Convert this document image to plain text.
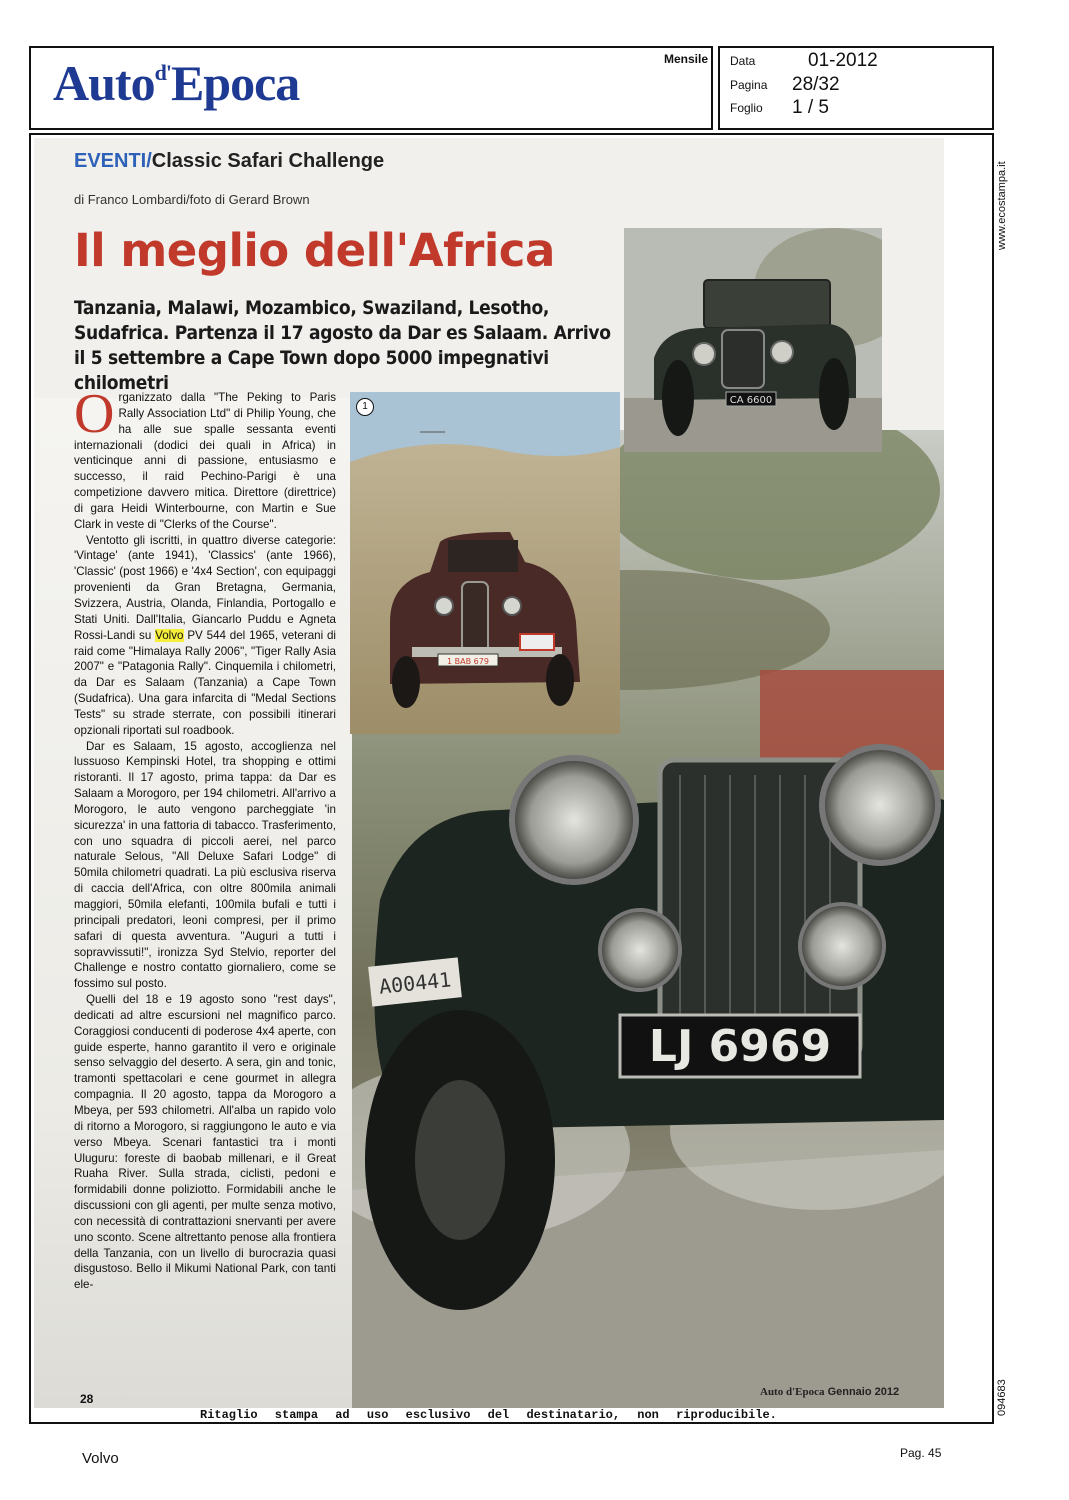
Auto$^{d'}$Epoca	Mensile Data	01-2012
Pagina 28/32
Foglio 1 / 5
www.ecostampa.it
094683
LJ 6969
A00441
EVENTI/Classic Safari Challenge
di Franco Lombardi/foto di Gerard Brown
Il meglio dell'Africa
Tanzania, Malawi, Mozambico, Swaziland, Lesotho, Sudafrica. Partenza il 17 agosto da Dar es Salaam. Arrivo il 5 settembre a Cape Town dopo 5000 impegnativi chilometri
CA 6600
1 BAB 679
1

Organizzato dalla "The Peking to Paris Rally Association Ltd" di Philip Young, che ha alle sue spalle sessanta eventi internazionali (dodici dei quali in Africa) in venticinque anni di passione, entusiasmo e successo, il raid Pechino-Parigi è una competizione davvero mitica. Direttore (direttrice) di gara Heidi Winterbourne, con Martin e Sue Clark in veste di "Clerks of the Course".

Ventotto gli iscritti, in quattro diverse categorie: 'Vintage' (ante 1941), 'Classics' (ante 1966), 'Classic' (post 1966) e '4x4 Section', con equipaggi provenienti da Gran Bretagna, Germania, Svizzera, Austria, Olanda, Finlandia, Portogallo e Stati Uniti. Dall'Italia, Giancarlo Puddu e Agneta Rossi-Landi su Volvo PV 544 del 1965, veterani di raid come "Himalaya Rally 2006", "Tiger Rally Asia 2007" e "Patagonia Rally". Cinquemila i chilometri, da Dar es Salaam (Tanzania) a Cape Town (Sudafrica). Una gara infarcita di "Medal Sections Tests" su strade sterrate, con possibili itinerari opzionali riportati sul roadbook.

Dar es Salaam, 15 agosto, accoglienza nel lussuoso Kempinski Hotel, tra shopping e ottimi ristoranti. Il 17 agosto, prima tappa: da Dar es Salaam a Morogoro, per 194 chilometri. All'arrivo a Morogoro, le auto vengono parcheggiate 'in sicurezza' in una fattoria di tabacco. Trasferimento, con uno squadra di piccoli aerei, nel parco naturale Selous, "All Deluxe Safari Lodge" di 50mila chilometri quadrati. La più esclusiva riserva di caccia dell'Africa, con oltre 800mila animali maggiori, 50mila elefanti, 100mila bufali e tutti i principali predatori, leoni compresi, per il primo safari di questa avventura. "Auguri a tutti i sopravvissuti!", ironizza Syd Stelvio, reporter del Challenge e nostro contatto giornaliero, come se fossimo sul posto.

Quelli del 18 e 19 agosto sono "rest days", dedicati ad altre escursioni nel magnifico parco. Coraggiosi conducenti di poderose 4x4 aperte, con guide esperte, hanno garantito il vero e originale senso selvaggio del deserto. A sera, gin and tonic, tramonti spettacolari e cene gourmet in allegra compagnia. Il 20 agosto, tappa da Morogoro a Mbeya, per 593 chilometri. All'alba un rapido volo di ritorno a Morogoro, si raggiungono le auto e via verso Mbeya. Scenari fantastici tra i monti Uluguru: foreste di baobab millenari, e il Great Ruaha River. Sulla strada, ciclisti, pedoni e formidabili donne poliziotto. Formidabili anche le discussioni con gli agenti, per multe senza motivo, con necessità di contrattazioni snervanti per avere uno sconto. Scene altrettanto penose alla frontiera della Tanzania, con un livello di burocrazia quasi disgustoso. Bello il Mikumi National Park, con tanti ele-

28	Auto d'Epoca Gennaio 2012
Ritaglio stampa ad uso esclusivo del destinatario, non riproducibile.
Volvo	Pag. 45
